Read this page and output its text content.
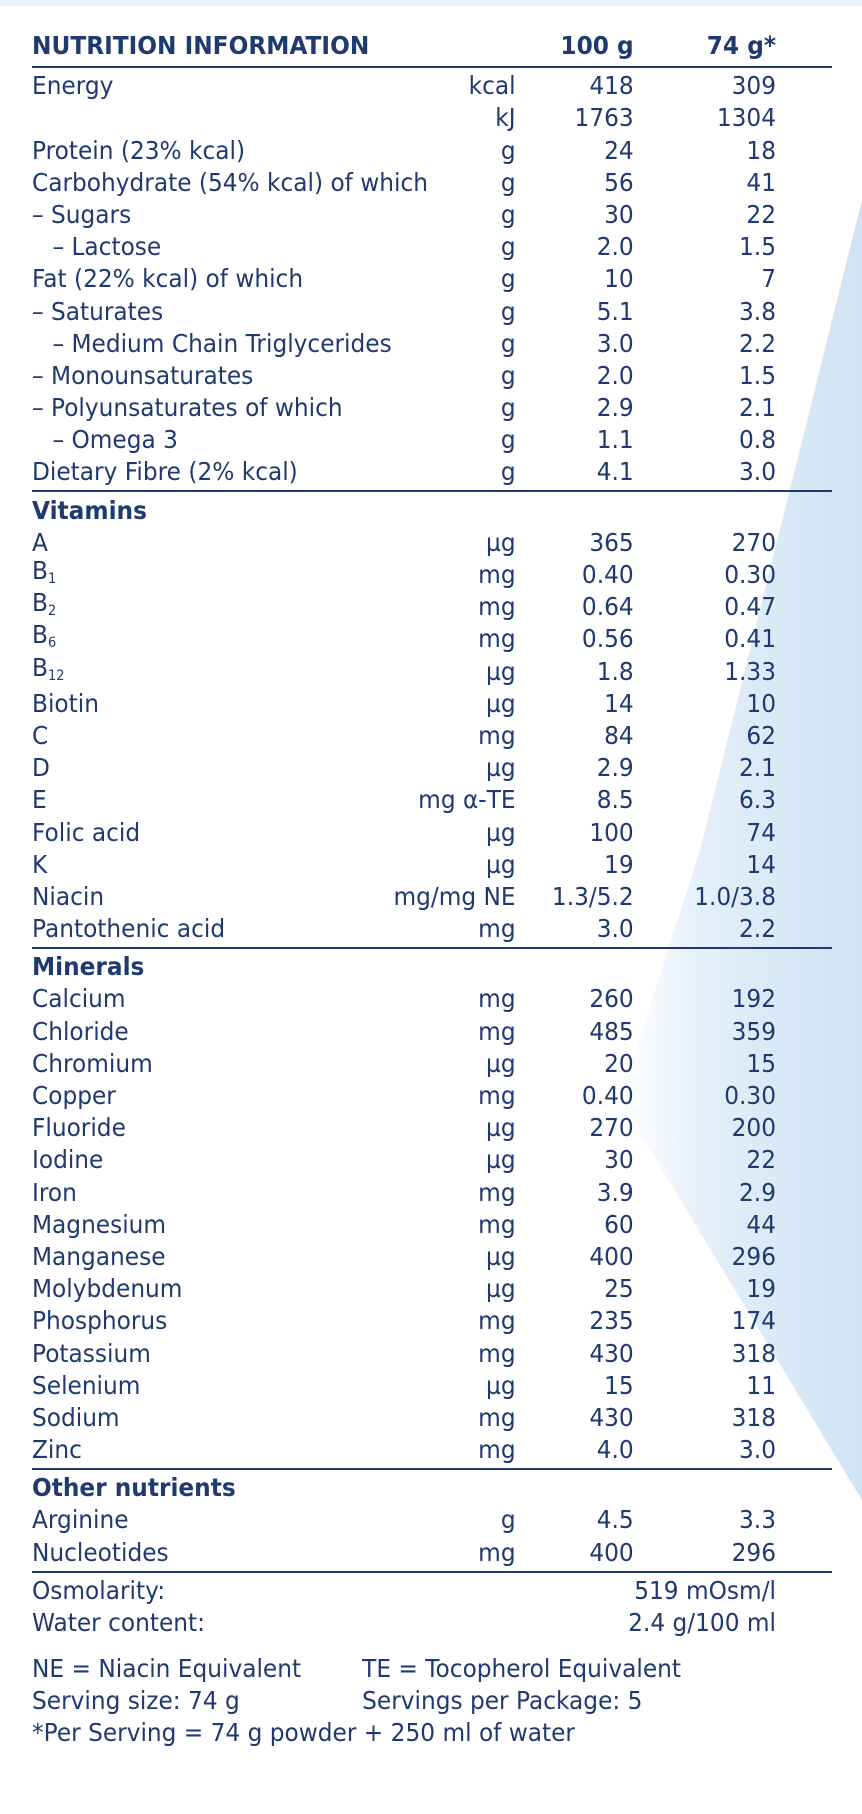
NUTRITION INFORMATION	100 g	74 g*
Energy	kcal	418	309
kJ	1763	1304
Protein (23% kcal)	g	24	18
Carbohydrate (54% kcal) of which	g	56	41
– Sugars	g	30	22
– Lactose	g	2.0	1.5
Fat (22% kcal) of which	g	10	7
– Saturates	g	5.1	3.8
– Medium Chain Triglycerides	g	3.0	2.2
– Monounsaturates	g	2.0	1.5
– Polyunsaturates of which	g	2.9	2.1
– Omega 3	g	1.1	0.8
Dietary Fibre (2% kcal)	g	4.1	3.0
Vitamins
A	µg	365	270
$B_1$	mg	0.40	0.30
$B_2$	mg	0.64	0.47
$B_6$	mg	0.56	0.41
$B_{12}$	µg	1.8	1.33
Biotin	µg	14	10
C	mg	84	62
D	µg	2.9	2.1
E	mg α-TE	8.5	6.3
Folic acid	µg	100	74
K	µg	19	14
Niacin	mg/mg NE	1.3/5.2	1.0/3.8
Pantothenic acid	mg	3.0	2.2
Minerals
Calcium	mg	260	192
Chloride	mg	485	359
Chromium	µg	20	15
Copper	mg	0.40	0.30
Fluoride	µg	270	200
Iodine	µg	30	22
Iron	mg	3.9	2.9
Magnesium	mg	60	44
Manganese	µg	400	296
Molybdenum	µg	25	19
Phosphorus	mg	235	174
Potassium	mg	430	318
Selenium	µg	15	11
Sodium	mg	430	318
Zinc	mg	4.0	3.0
Other nutrients
Arginine	g	4.5	3.3
Nucleotides	mg	400	296
Osmolarity:	519 mOsm/l
Water content:	2.4 g/100 ml
NE = Niacin Equivalent	TE = Tocopherol Equivalent
Serving size: 74 g	Servings per Package: 5
*Per Serving = 74 g powder + 250 ml of water
